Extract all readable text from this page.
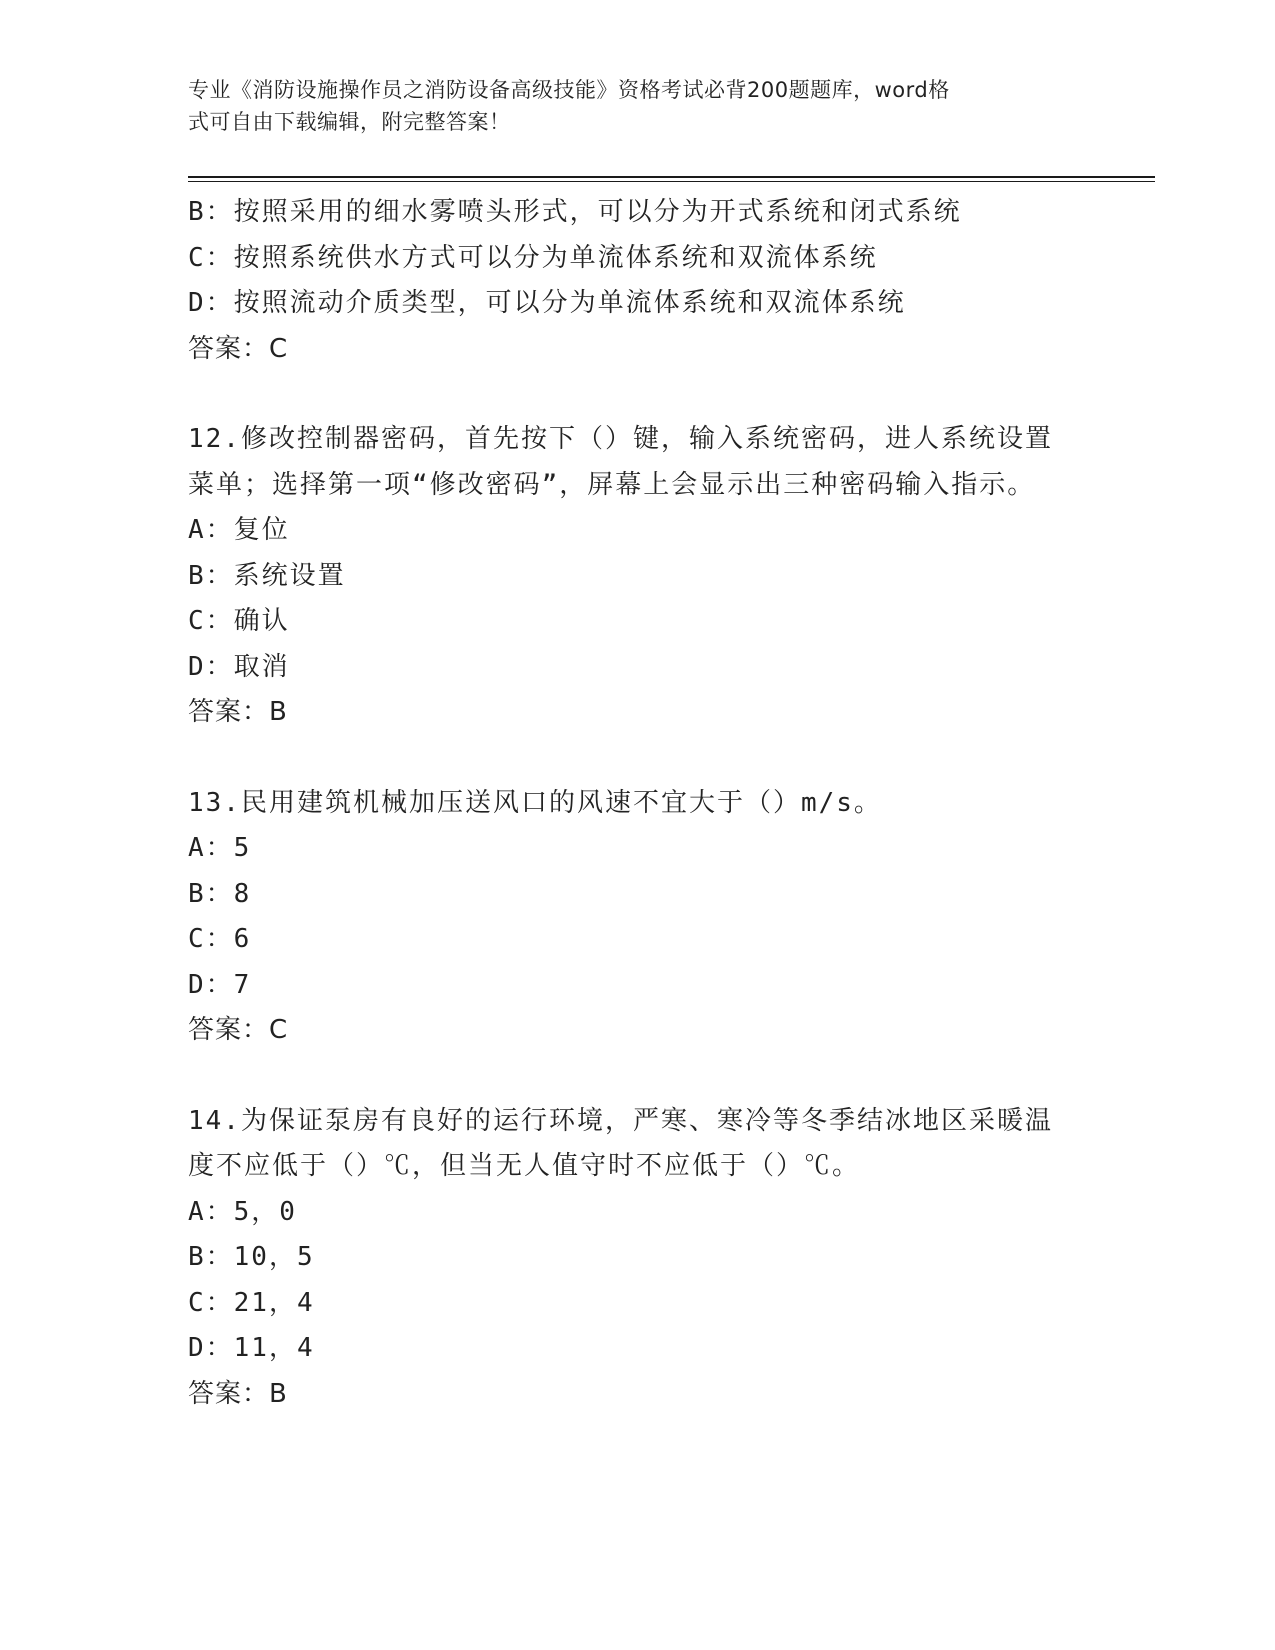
专业《消防设施操作员之消防设备高级技能》资格考试必背200题题库，word格
式可自由下载编辑，附完整答案！
B：按照采用的细水雾喷头形式，可以分为开式系统和闭式系统
C：按照系统供水方式可以分为单流体系统和双流体系统
D：按照流动介质类型，可以分为单流体系统和双流体系统
答案：C
12.修改控制器密码，首先按下（）键，输入系统密码，进人系统设置菜单；选择第一项“修改密码”，屏幕上会显示出三种密码输入指示。
A：复位
B：系统设置
C：确认
D：取消
答案：B
13.民用建筑机械加压送风口的风速不宜大于（）m/s。
A：5
B：8
C：6
D：7
答案：C
14.为保证泵房有良好的运行环境，严寒、寒冷等冬季结冰地区采暖温度不应低于（）℃，但当无人值守时不应低于（）℃。
A：5，0
B：10，5
C：21，4
D：11，4
答案：B
